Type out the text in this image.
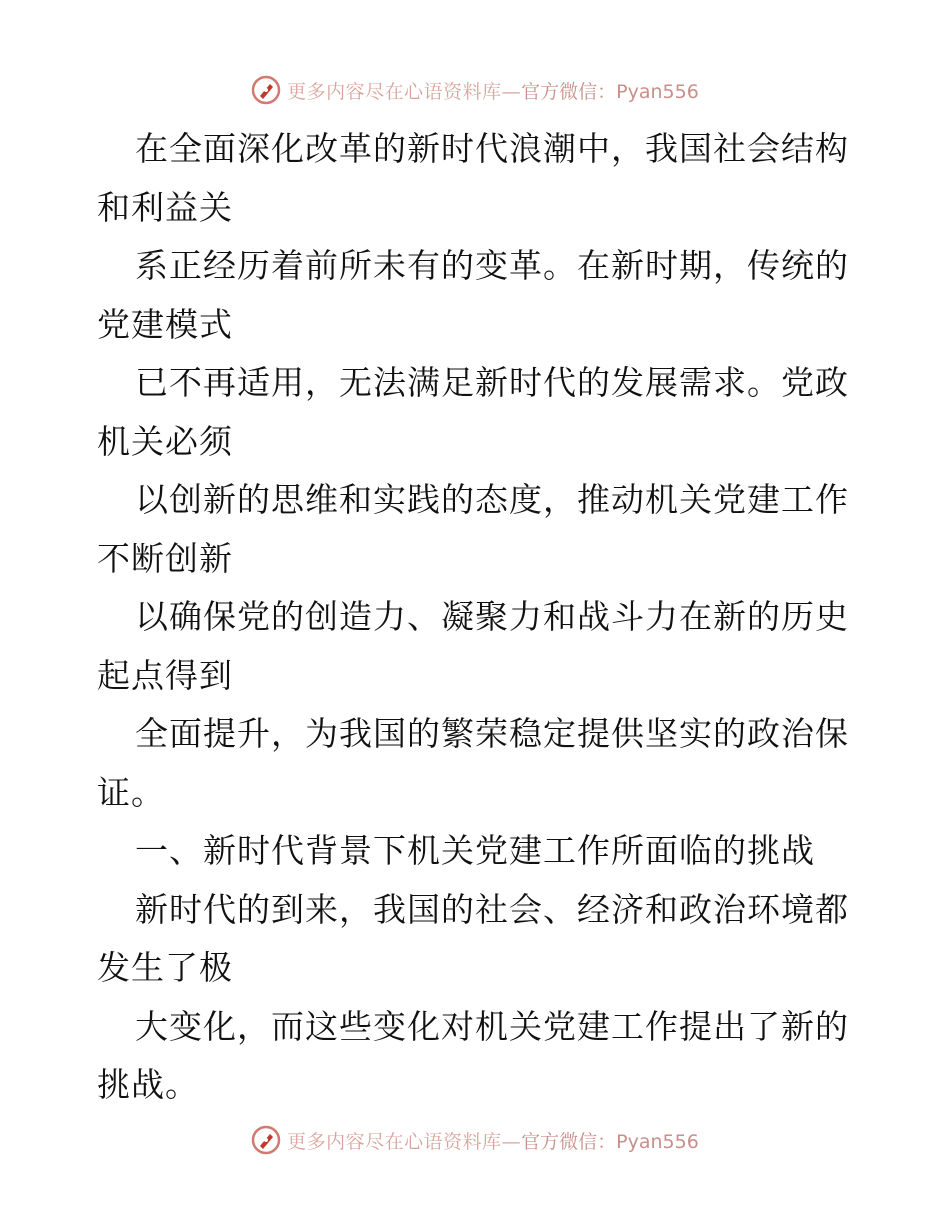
更多内容尽在心语资料库— 官方微信：Pyan556
在全面深化改革的新时代浪潮中，我国社会结构
和利益关
系正经历着前所未有的变革。在新时期，传统的
党建模式
已不再适用，无法满足新时代的发展需求。党政
机关必须
以创新的思维和实践的态度，推动机关党建工作
不断创新
以确保党的创造力、凝聚力和战斗力在新的历史
起点得到
全面提升，为我国的繁荣稳定提供坚实的政治保
证。
一、新时代背景下机关党建工作所面临的挑战
新时代的到来，我国的社会、经济和政治环境都
发生了极
大变化，而这些变化对机关党建工作提出了新的
挑战。
更多内容尽在心语资料库— 官方微信：Pyan556
